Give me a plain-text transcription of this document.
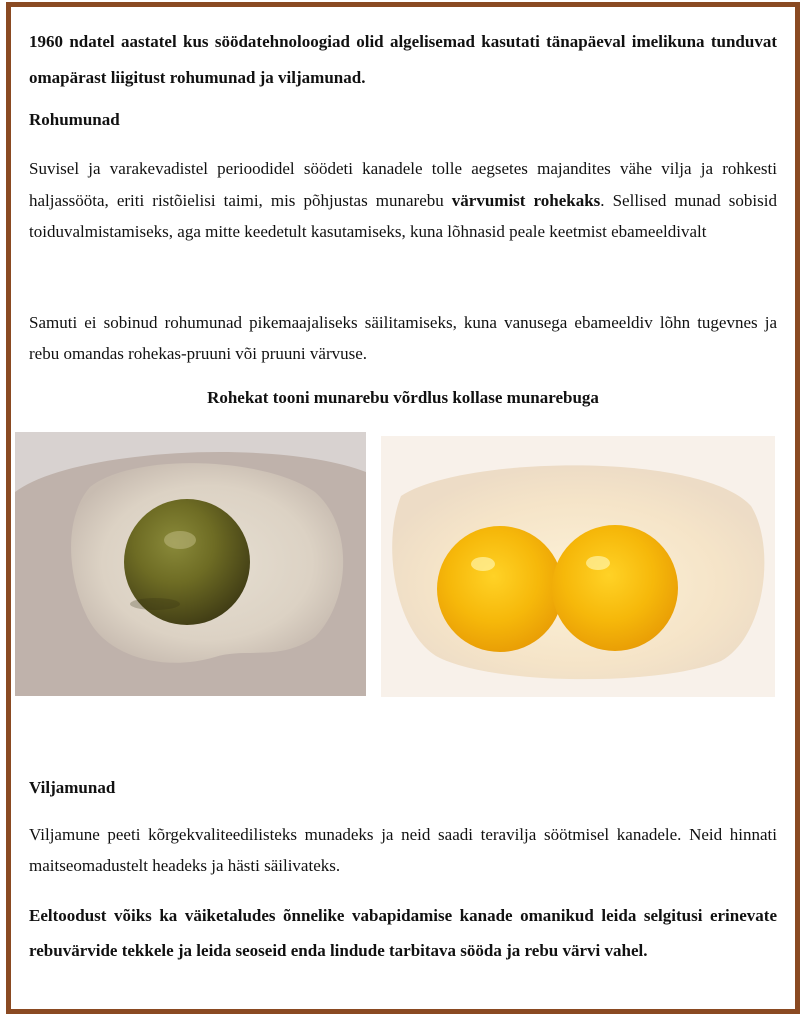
1960 ndatel aastatel kus söödatehnoloogiad olid algelisemad kasutati tänapäeval imelikuna tunduvat omapärast liigitust rohumunad ja viljamunad.

Rohumunad

Suvisel ja varakevadistel perioodidel söödeti kanadele tolle aegsetes majandites vähe vilja ja rohkesti haljassööta, eriti ristõielisi taimi, mis põhjustas munarebu värvumist rohekaks. Sellised munad sobisid toiduvalmistamiseks, aga mitte keedetult kasutamiseks, kuna lõhnasid peale keetmist ebameeldivalt

Samuti ei sobinud rohumunad pikemaajaliseks säilitamiseks, kuna vanusega ebameeldiv lõhn tugevnes ja rebu omandas rohekas-pruuni või pruuni värvuse.

Rohekat tooni munarebu võrdlus kollase munarebuga
Viljamunad

Viljamune peeti kõrgekvaliteedilisteks munadeks ja neid saadi teravilja söötmisel kanadele. Neid hinnati maitseomadustelt headeks ja hästi säilivateks.

Eeltoodust võiks ka väiketaludes õnnelike vabapidamise kanade omanikud leida selgitusi erinevate rebuvärvide tekkele ja leida seoseid enda lindude tarbitava sööda ja rebu värvi vahel.
